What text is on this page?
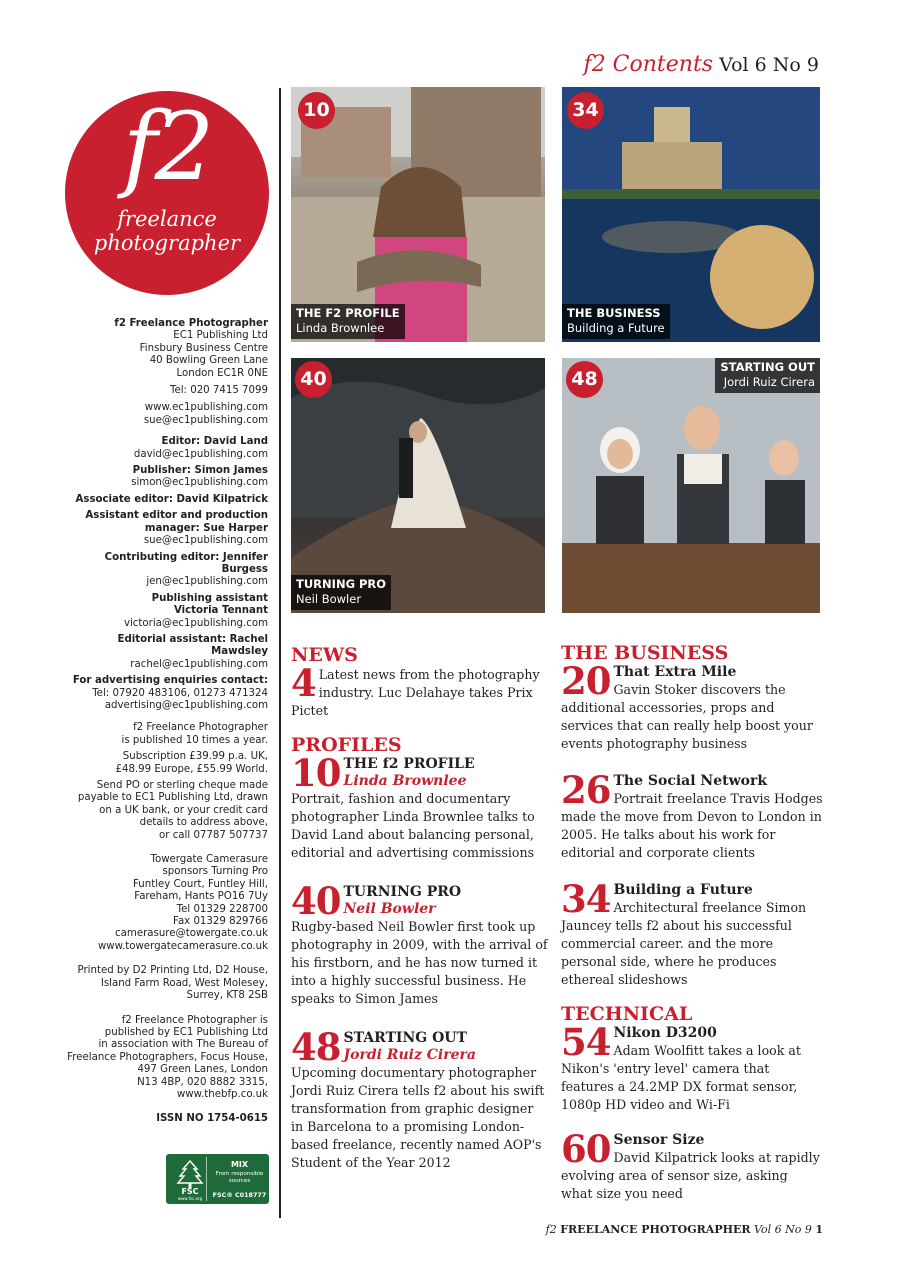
f2 Contents Vol 6 No 9
f2
freelance
photographer

f2 Freelance Photographer

EC1 Publishing Ltd
Finsbury Business Centre
40 Bowling Green Lane
London EC1R 0NE

Tel: 020 7415 7099

www.ec1publishing.com
sue@ec1publishing.com

Editor: David Land

david@ec1publishing.com

Publisher: Simon James

simon@ec1publishing.com

Associate editor: David Kilpatrick

Assistant editor and production
manager: Sue Harper

sue@ec1publishing.com

Contributing editor: Jennifer Burgess

jen@ec1publishing.com

Publishing assistant
Victoria Tennant

victoria@ec1publishing.com

Editorial assistant: Rachel Mawdsley

rachel@ec1publishing.com

For advertising enquiries contact:

Tel: 07920 483106, 01273 471324
advertising@ec1publishing.com

f2 Freelance Photographer
is published 10 times a year.

Subscription £39.99 p.a. UK,
£48.99 Europe, £55.99 World.

Send PO or sterling cheque made
payable to EC1 Publishing Ltd, drawn
on a UK bank, or your credit card
details to address above,
or call 07787 507737

Towergate Camerasure
sponsors Turning Pro
Funtley Court, Funtley Hill,
Fareham, Hants PO16 7Uy
Tel 01329 228700
Fax 01329 829766
camerasure@towergate.co.uk
www.towergatecamerasure.co.uk

Printed by D2 Printing Ltd, D2 House,
Island Farm Road, West Molesey,
Surrey, KT8 2SB

f2 Freelance Photographer is
published by EC1 Publishing Ltd
in association with The Bureau of
Freelance Photographers, Focus House,
497 Green Lanes, London
N13 4BP, 020 8882 3315,
www.thebfp.co.uk

ISSN NO 1754-0615

FSC
www.fsc.org
MIX
From responsible
sources
FSC® C018777
10
THE F2 PROFILE
Linda Brownlee
34
THE BUSINESS
Building a Future
40
TURNING PRO
Neil Bowler
48
STARTING OUT
Jordi Ruiz Cirera
NEWS
4 Latest news from the photography industry. Luc Delahaye takes Prix Pictet
PROFILES
10 THE f2 PROFILE
Linda Brownlee
Portrait, fashion and documentary photographer Linda Brownlee talks to David Land about balancing personal, editorial and advertising commissions
40 TURNING PRO
Neil Bowler
Rugby-based Neil Bowler first took up photography in 2009, with the arrival of his firstborn, and he has now turned it into a highly successful business. He speaks to Simon James
48 STARTING OUT
Jordi Ruiz Cirera
Upcoming documentary photographer Jordi Ruiz Cirera tells f2 about his swift transformation from graphic designer in Barcelona to a promising London-based freelance, recently named AOP's Student of the Year 2012
THE BUSINESS
20 That Extra Mile
Gavin Stoker discovers the additional accessories, props and services that can really help boost your events photography business
26 The Social Network
Portrait freelance Travis Hodges made the move from Devon to London in 2005. He talks about his work for editorial and corporate clients
34 Building a Future
Architectural freelance Simon Jauncey tells f2 about his successful commercial career. and the more personal side, where he produces ethereal slideshows
TECHNICAL
54 Nikon D3200
Adam Woolfitt takes a look at Nikon's 'entry level' camera that features a 24.2MP DX format sensor, 1080p HD video and Wi-Fi
60 Sensor Size
David Kilpatrick looks at rapidly evolving area of sensor size, asking what size you need
f2 FREELANCE PHOTOGRAPHER Vol 6 No 9 1
